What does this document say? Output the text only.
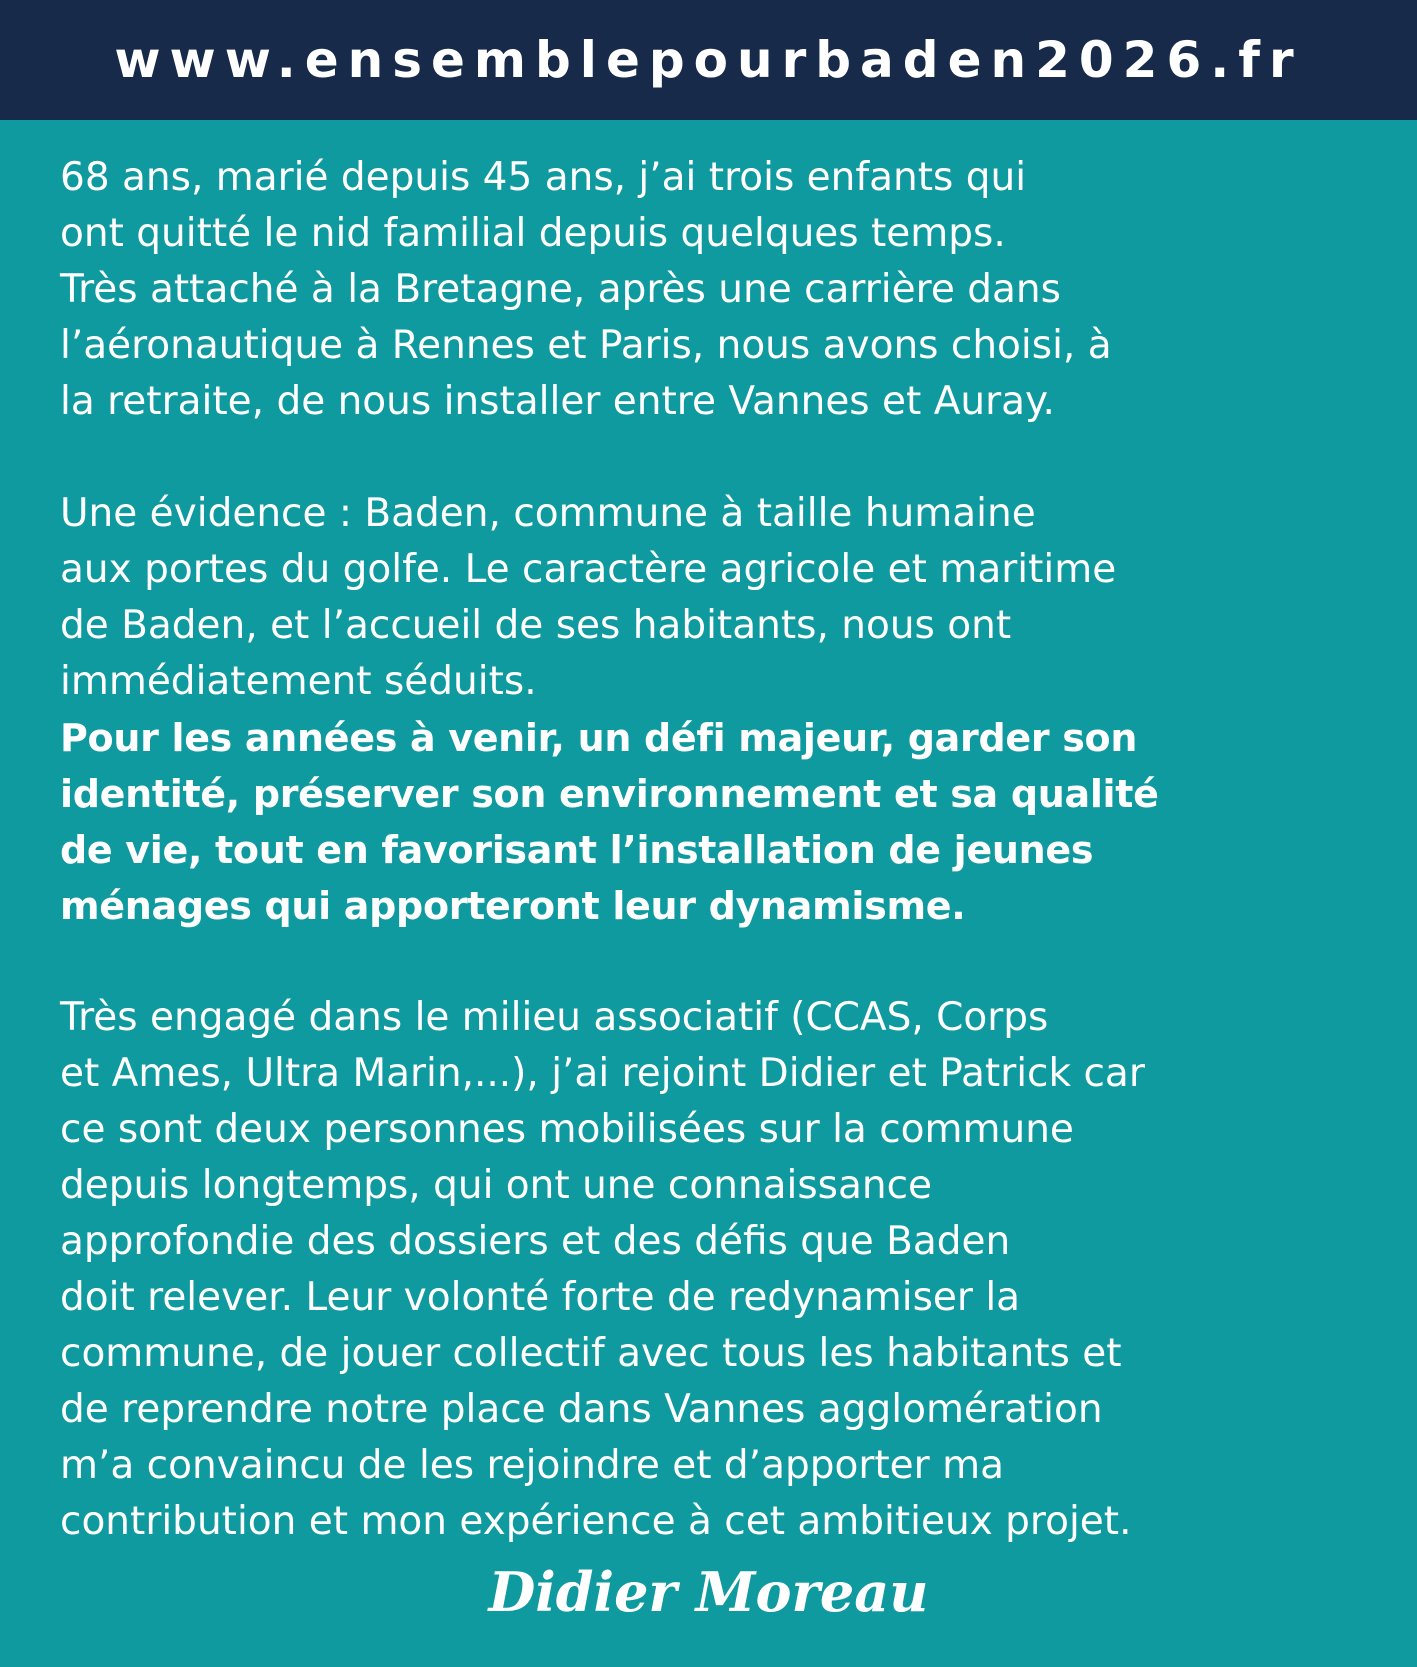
www.ensemblepourbaden2026.fr

68 ans, marié depuis 45 ans, j’ai trois enfants qui
ont quitté le nid familial depuis quelques temps.
Très attaché à la Bretagne, après une carrière dans
l’aéronautique à Rennes et Paris, nous avons choisi, à
la retraite, de nous installer entre Vannes et Auray.

Une évidence : Baden, commune à taille humaine
aux portes du golfe. Le caractère agricole et maritime
de Baden, et l’accueil de ses habitants, nous ont
immédiatement séduits.

Pour les années à venir, un défi majeur, garder son
identité, préserver son environnement et sa qualité
de vie, tout en favorisant l’installation de jeunes
ménages qui apporteront leur dynamisme.

Très engagé dans le milieu associatif (CCAS, Corps
et Ames, Ultra Marin,...), j’ai rejoint Didier et Patrick car
ce sont deux personnes mobilisées sur la commune
depuis longtemps, qui ont une connaissance
approfondie des dossiers et des défis que Baden
doit relever. Leur volonté forte de redynamiser la
commune, de jouer collectif avec tous les habitants et
de reprendre notre place dans Vannes agglomération
m’a convaincu de les rejoindre et d’apporter ma
contribution et mon expérience à cet ambitieux projet.

Didier Moreau
